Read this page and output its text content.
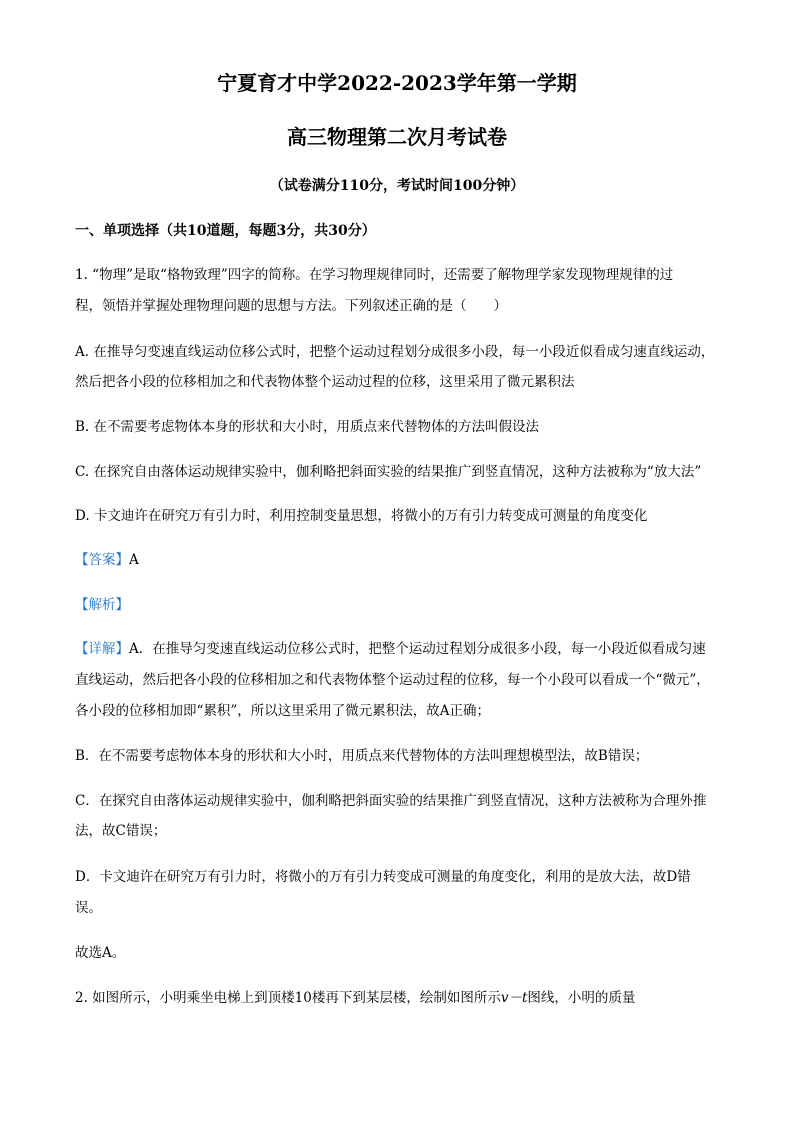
宁夏育才中学2022-2023学年第一学期
高三物理第二次月考试卷
（试卷满分110分，考试时间100分钟）
一、单项选择（共10道题，每题3分，共30分）
1. “物理”是取“格物致理”四字的简称。在学习物理规律同时，还需要了解物理学家发现物理规律的过
程，领悟并掌握处理物理问题的思想与方法。下列叙述正确的是（　　）
A. 在推导匀变速直线运动位移公式时，把整个运动过程划分成很多小段，每一小段近似看成匀速直线运动，
然后把各小段的位移相加之和代表物体整个运动过程的位移，这里采用了微元累积法
B. 在不需要考虑物体本身的形状和大小时，用质点来代替物体的方法叫假设法
C. 在探究自由落体运动规律实验中，伽利略把斜面实验的结果推广到竖直情况，这种方法被称为“放大法”
D. 卡文迪许在研究万有引力时，利用控制变量思想，将微小的万有引力转变成可测量的角度变化
【答案】A
【解析】
【详解】A．在推导匀变速直线运动位移公式时，把整个运动过程划分成很多小段，每一小段近似看成匀速
直线运动，然后把各小段的位移相加之和代表物体整个运动过程的位移，每一个小段可以看成一个“微元”，
各小段的位移相加即“累积”，所以这里采用了微元累积法，故A正确；
B．在不需要考虑物体本身的形状和大小时，用质点来代替物体的方法叫理想模型法，故B错误；
C．在探究自由落体运动规律实验中，伽利略把斜面实验的结果推广到竖直情况，这种方法被称为合理外推
法，故C错误；
D．卡文迪许在研究万有引力时，将微小的万有引力转变成可测量的角度变化，利用的是放大法，故D错
误。
故选A。
2. 如图所示，小明乘坐电梯上到顶楼10楼再下到某层楼，绘制如图所示v－t图线，小明的质量
